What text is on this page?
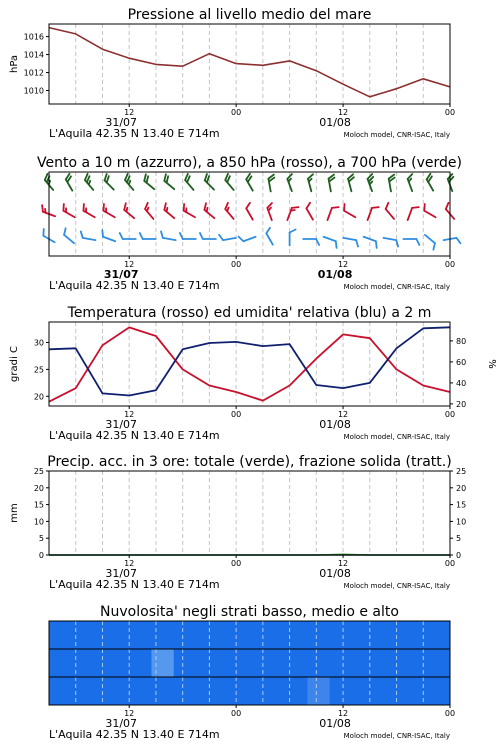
Pressione al livello medio del mare
1010
1012
1014
1016
hPa
12	00	12	00
31/07	01/08
L'Aquila 42.35 N 13.40 E 714m	Moloch model, CNR-ISAC, Italy
Vento a 10 m (azzurro), a 850 hPa (rosso), a 700 hPa (verde)
12	00	12	00
31/07	01/08
L'Aquila 42.35 N 13.40 E 714m	Moloch model, CNR-ISAC, Italy
Temperatura (rosso) ed umidita' relativa (blu) a 2 m
20
25
30
gradi C
20
40
60
80
%
12	00	12	00
31/07	01/08
L'Aquila 42.35 N 13.40 E 714m	Moloch model, CNR-ISAC, Italy
Precip. acc. in 3 ore: totale (verde), frazione solida (tratt.)
0
5
10
15
20
25
mm
0
5
10
15
20
25
12	00	12	00
31/07	01/08
L'Aquila 42.35 N 13.40 E 714m	Moloch model, CNR-ISAC, Italy
Nuvolosita' negli strati basso, medio e alto
12	00	12	00
31/07	01/08
L'Aquila 42.35 N 13.40 E 714m	Moloch model, CNR-ISAC, Italy
